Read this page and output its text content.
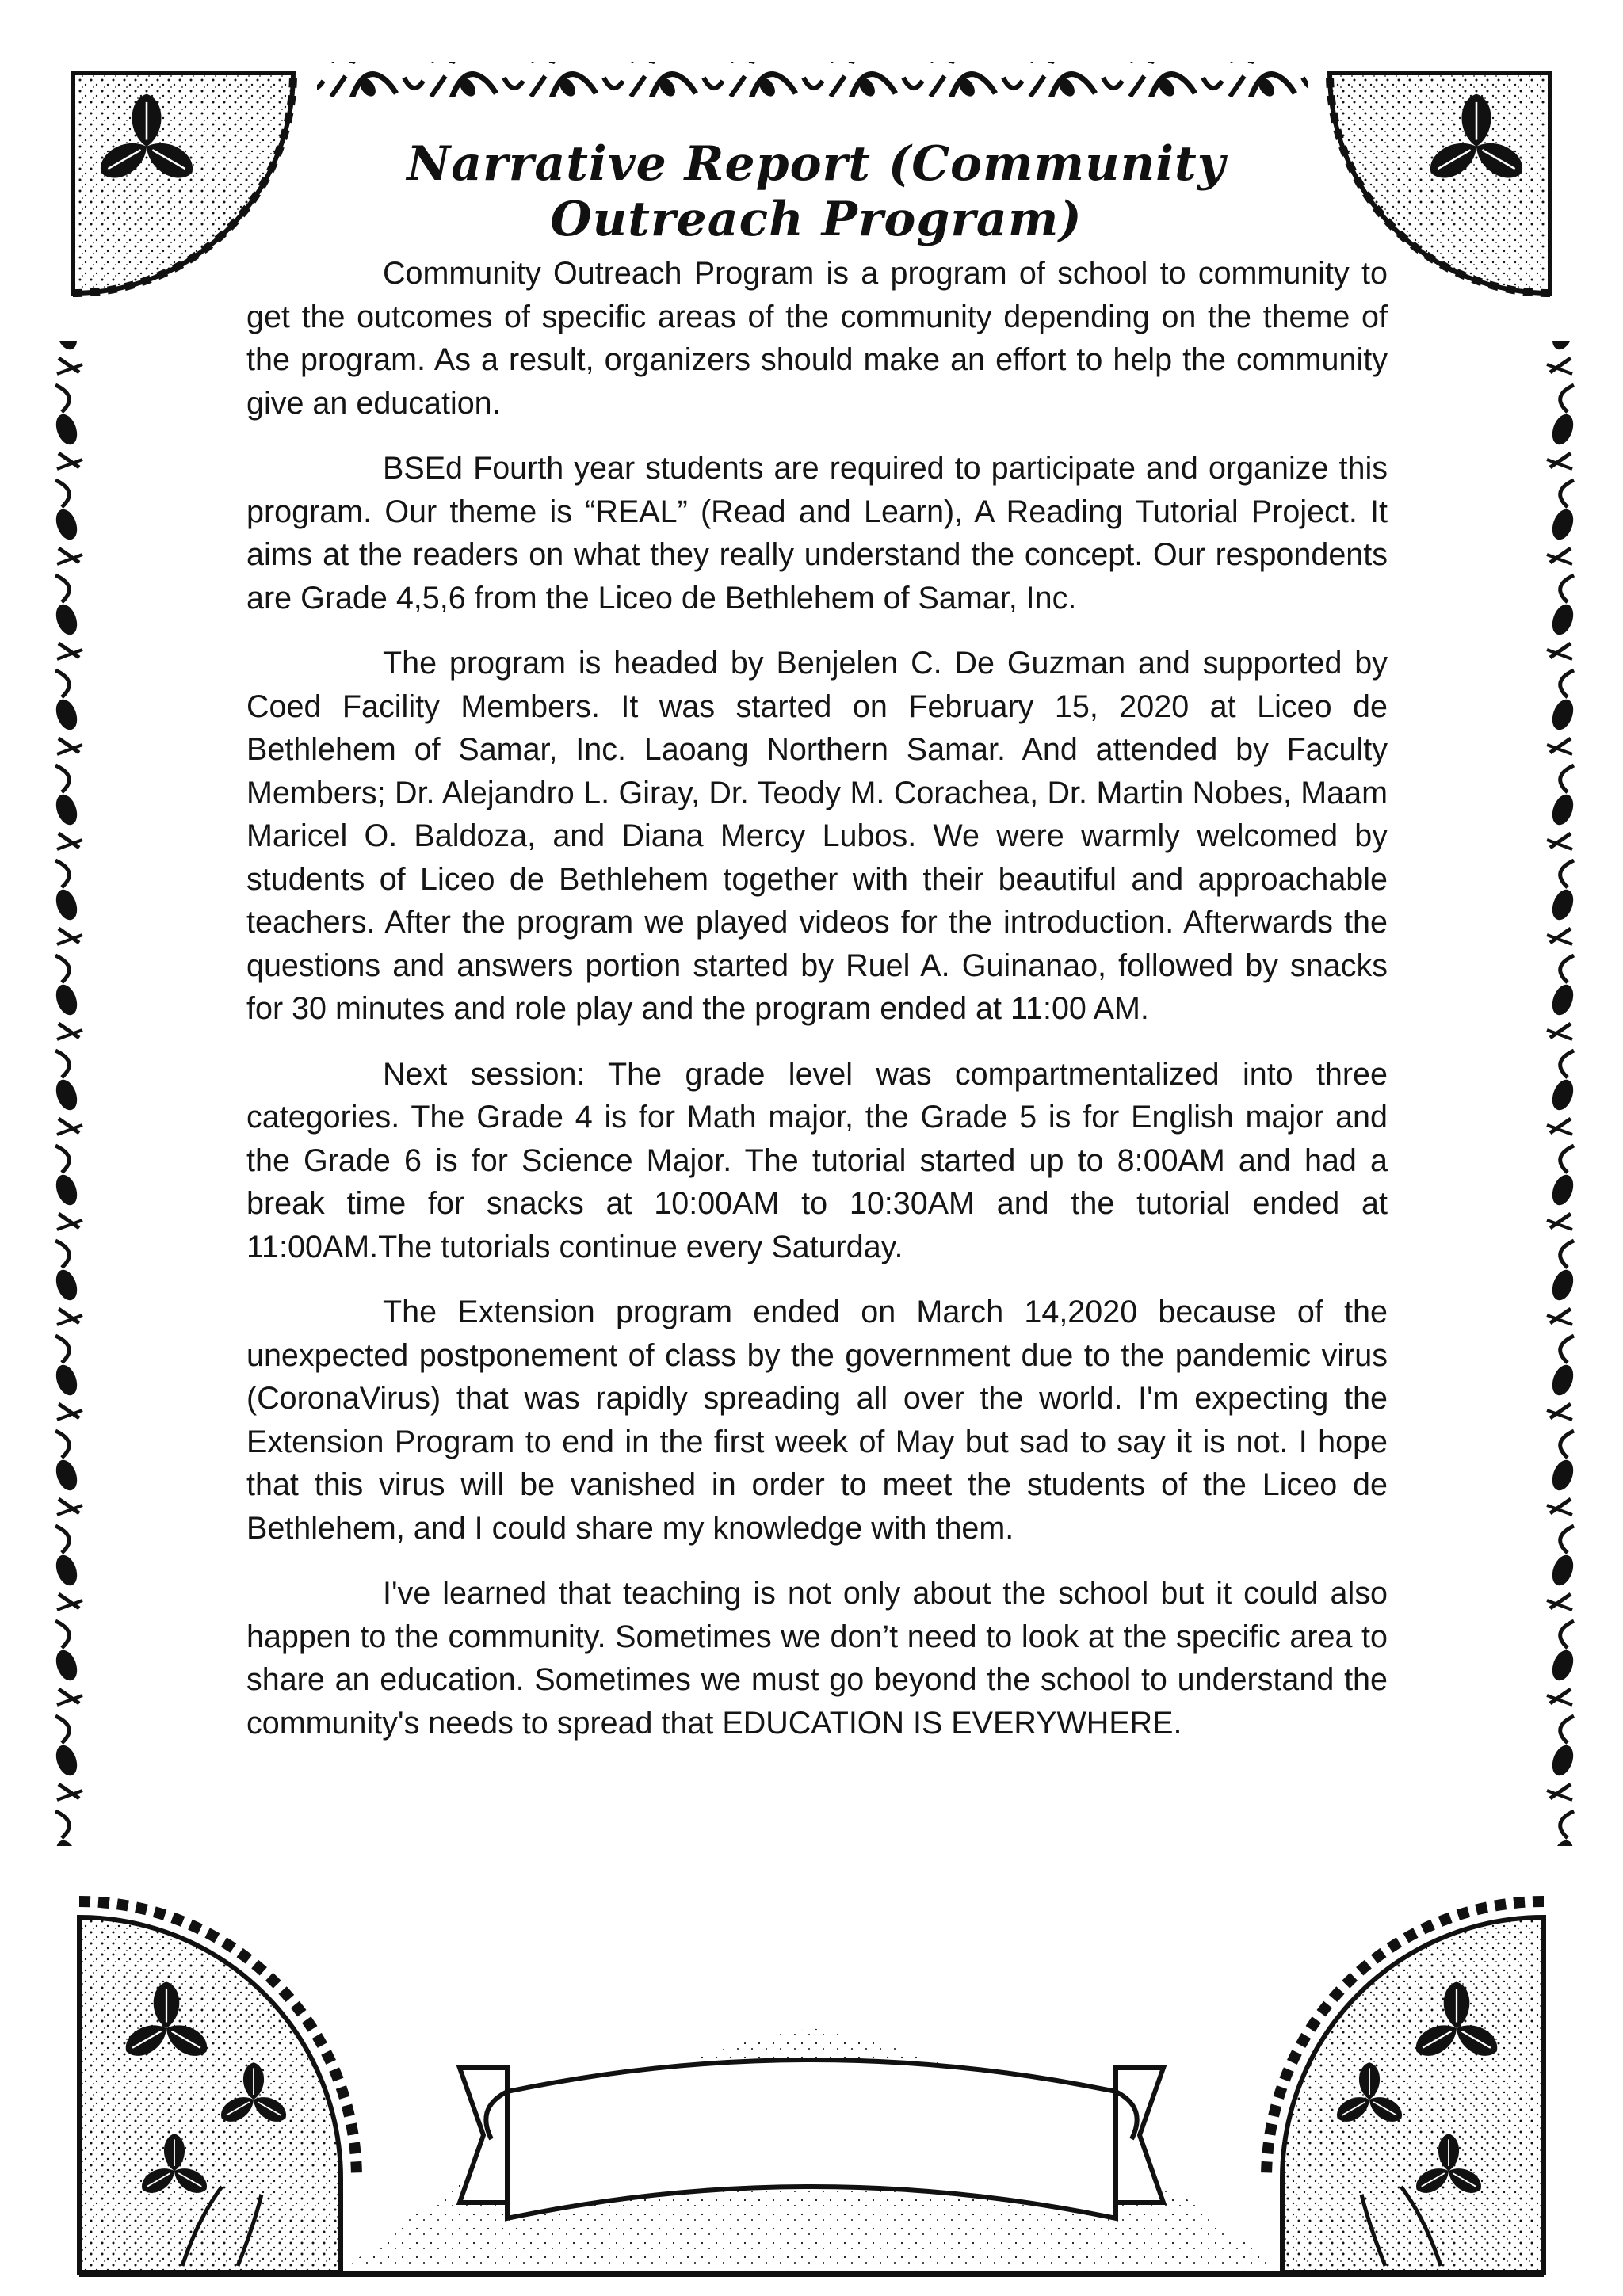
Narrative Report (Community Outreach Program)

Community Outreach Program is a program of school to community to get the outcomes of specific areas of the community depending on the theme of the program. As a result, organizers should make an effort to help the community give an education.

BSEd Fourth year students are required to participate and organize this program. Our theme is “REAL” (Read and Learn), A Reading Tutorial Project. It aims at the readers on what they really understand the concept. Our respondents are Grade 4,5,6 from the Liceo de Bethlehem of Samar, Inc.

The program is headed by Benjelen C. De Guzman and supported by Coed Facility Members. It was started on February 15, 2020 at Liceo de Bethlehem of Samar, Inc. Laoang Northern Samar. And attended by Faculty Members; Dr. Alejandro L. Giray, Dr. Teody M. Corachea, Dr. Martin Nobes, Maam Maricel O. Baldoza, and Diana Mercy Lubos. We were warmly welcomed by students of Liceo de Bethlehem together with their beautiful and approachable teachers. After the program we played videos for the introduction. Afterwards the questions and answers portion started by Ruel A. Guinanao, followed by snacks for 30 minutes and role play and the program ended at 11:00 AM.

Next session: The grade level was compartmentalized into three categories. The Grade 4 is for Math major, the Grade 5 is for English major and the Grade 6 is for Science Major. The tutorial started up to 8:00AM and had a break time for snacks at 10:00AM to 10:30AM and the tutorial ended at 11:00AM.The tutorials continue every Saturday.

The Extension program ended on March 14,2020 because of the unexpected postponement of class by the government due to the pandemic virus (CoronaVirus) that was rapidly spreading all over the world. I'm expecting the Extension Program to end in the first week of May but sad to say it is not. I hope that this virus will be vanished in order to meet the students of the Liceo de Bethlehem, and I could share my knowledge with them.

I've learned that teaching is not only about the school but it could also happen to the community. Sometimes we don’t need to look at the specific area to share an education. Sometimes we must go beyond the school to understand the community's needs to spread that EDUCATION IS EVERYWHERE.
